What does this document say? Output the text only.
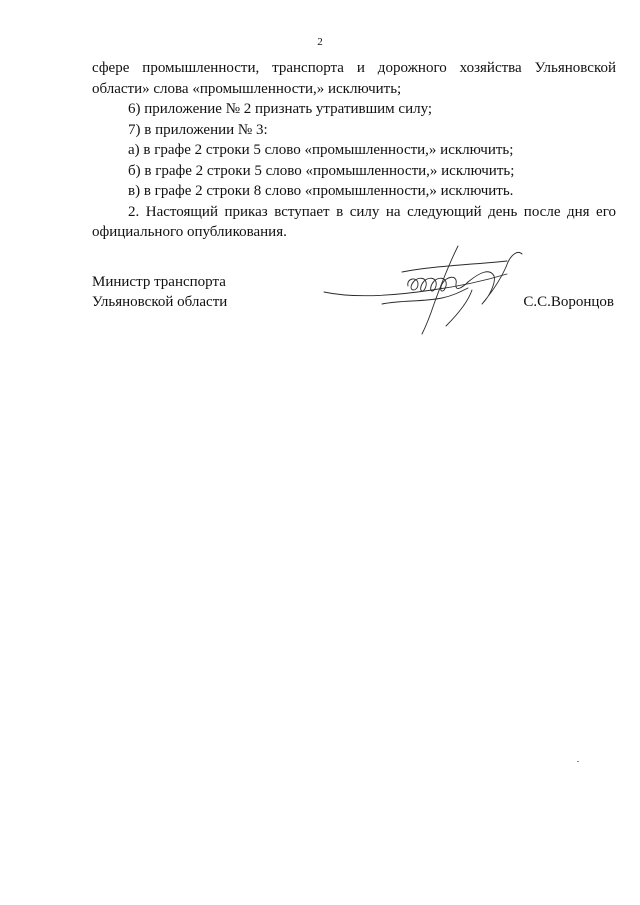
2

сфере промышленности, транспорта и дорожного хозяйства Ульяновской

области» слова «промышленности,» исключить;

6) приложение № 2 признать утратившим силу;

7) в приложении № 3:

а) в графе 2 строки 5 слово «промышленности,» исключить;

б) в графе 2 строки 5 слово «промышленности,» исключить;

в) в графе 2 строки 8 слово «промышленности,» исключить.

2. Настоящий приказ вступает в силу на следующий день после дня его

официального опубликования.

Министр транспорта
Ульяновской области	С.С.Воронцов
